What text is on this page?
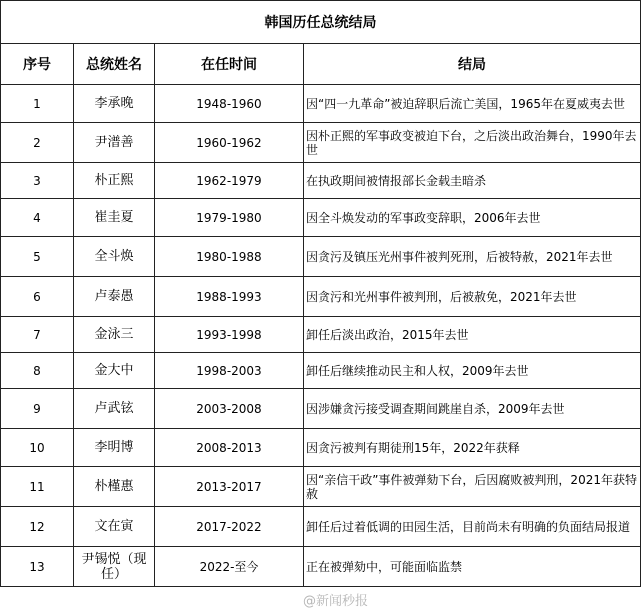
韩国历任总统结局			
序号	总统姓名	在任时间	结局
1	李承晚	1948-1960	因“四一九革命”被迫辞职后流亡美国，1965年在夏威夷去世
2	尹潽善	1960-1962	因朴正熙的军事政变被迫下台，之后淡出政治舞台，1990年去世
3	朴正熙	1962-1979	在执政期间被情报部长金载圭暗杀
4	崔圭夏	1979-1980	因全斗焕发动的军事政变辞职，2006年去世
5	全斗焕	1980-1988	因贪污及镇压光州事件被判死刑，后被特赦，2021年去世
6	卢泰愚	1988-1993	因贪污和光州事件被判刑，后被赦免，2021年去世
7	金泳三	1993-1998	卸任后淡出政治，2015年去世
8	金大中	1998-2003	卸任后继续推动民主和人权，2009年去世
9	卢武铉	2003-2008	因涉嫌贪污接受调查期间跳崖自杀，2009年去世
10	李明博	2008-2013	因贪污被判有期徒刑15年，2022年获释
11	朴槿惠	2013-2017	因“亲信干政”事件被弹劾下台，后因腐败被判刑，2021年获特赦
12	文在寅	2017-2022	卸任后过着低调的田园生活，目前尚未有明确的负面结局报道
13	尹锡悦（现任）	2022-至今	正在被弹劾中，可能面临监禁
@新闻秒报
